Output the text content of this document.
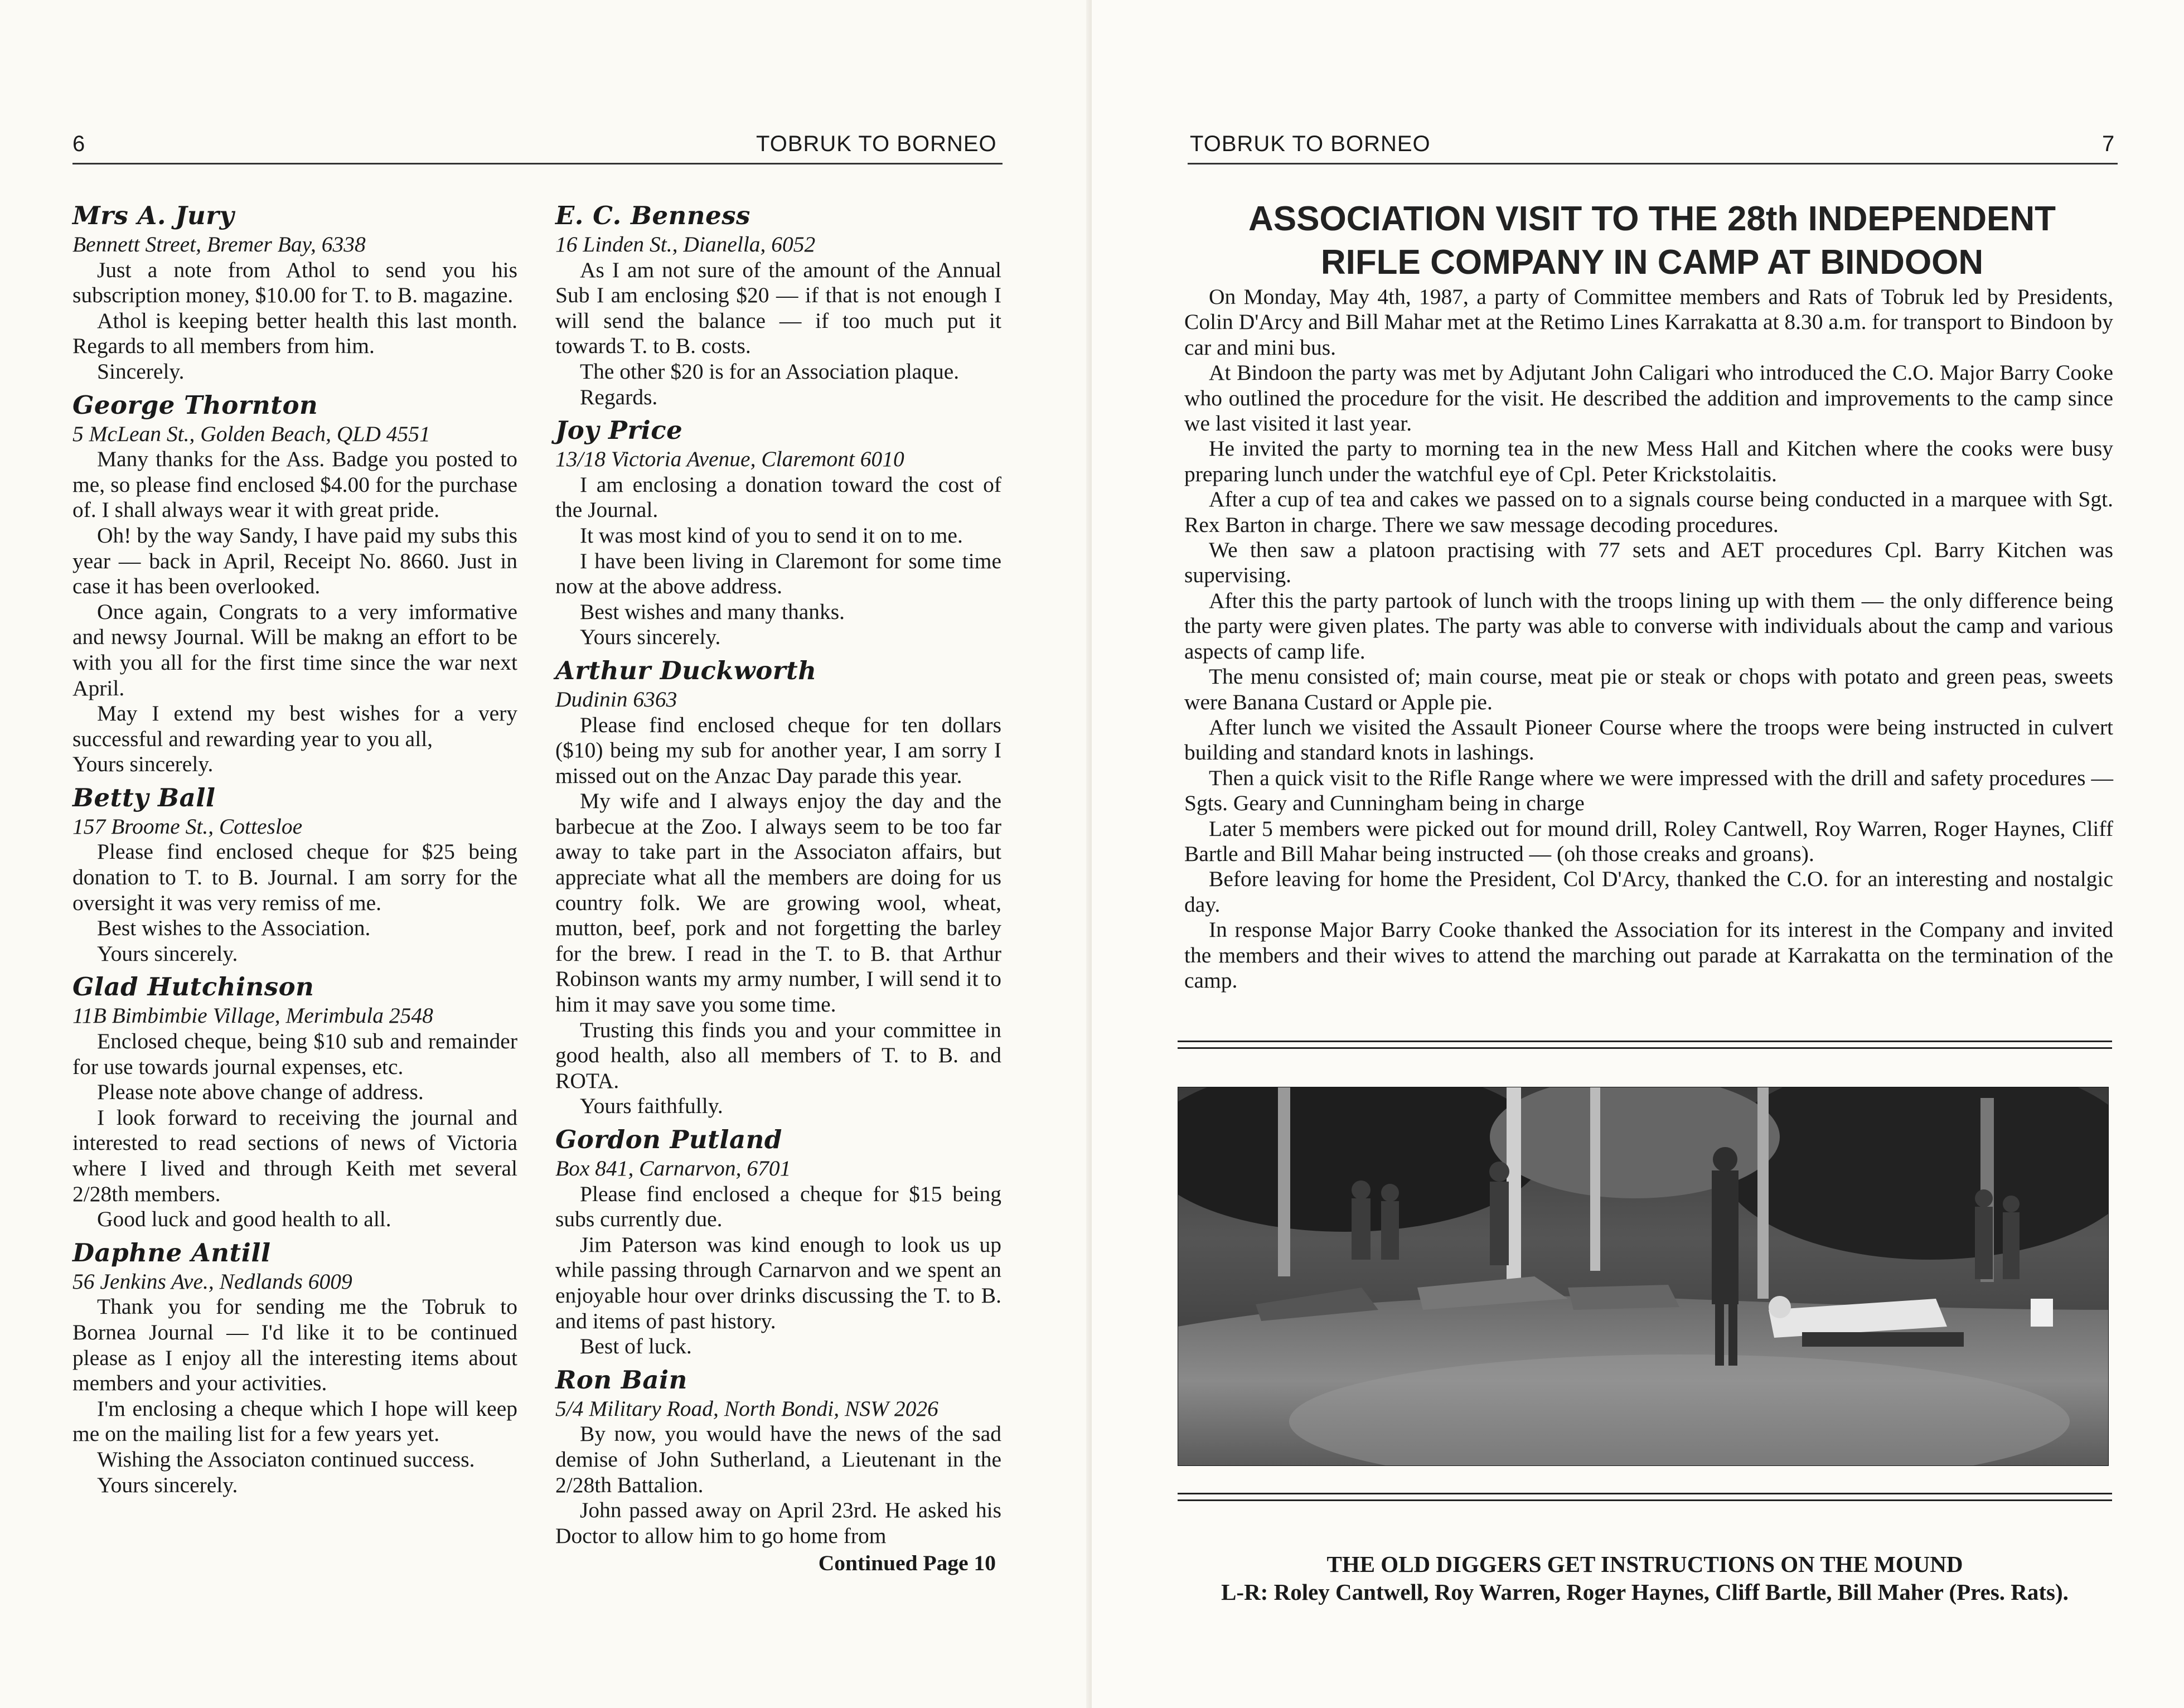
6	TOBRUK TO BORNEO
Mrs A. Jury

Bennett Street, Bremer Bay, 6338

Just a note from Athol to send you his subscription money, $10.00 for T. to B. magazine.

Athol is keeping better health this last month. Regards to all members from him.

Sincerely.

George Thornton

5 McLean St., Golden Beach, QLD 4551

Many thanks for the Ass. Badge you posted to me, so please find enclosed $4.00 for the purchase of. I shall always wear it with great pride.

Oh! by the way Sandy, I have paid my subs this year — back in April, Receipt No. 8660. Just in case it has been overlooked.

Once again, Congrats to a very imformative and newsy Journal. Will be makng an effort to be with you all for the first time since the war next April.

May I extend my best wishes for a very successful and rewarding year to you all,

Yours sincerely.

Betty Ball

157 Broome St., Cottesloe

Please find enclosed cheque for $25 being donation to T. to B. Journal. I am sorry for the oversight it was very remiss of me.

Best wishes to the Association.

Yours sincerely.

Glad Hutchinson

11B Bimbimbie Village, Merimbula 2548

Enclosed cheque, being $10 sub and remainder for use towards journal expenses, etc.

Please note above change of address.

I look forward to receiving the journal and interested to read sections of news of Victoria where I lived and through Keith met several 2/28th members.

Good luck and good health to all.

Daphne Antill

56 Jenkins Ave., Nedlands 6009

Thank you for sending me the Tobruk to Bornea Journal — I'd like it to be continued please as I enjoy all the interesting items about members and your activities.

I'm enclosing a cheque which I hope will keep me on the mailing list for a few years yet.

Wishing the Associaton continued success.

Yours sincerely.

E. C. Benness

16 Linden St., Dianella, 6052

As I am not sure of the amount of the Annual Sub I am enclosing $20 — if that is not enough I will send the balance — if too much put it towards T. to B. costs.

The other $20 is for an Association plaque.

Regards.

Joy Price

13/18 Victoria Avenue, Claremont 6010

I am enclosing a donation toward the cost of the Journal.

It was most kind of you to send it on to me.

I have been living in Claremont for some time now at the above address.

Best wishes and many thanks.

Yours sincerely.

Arthur Duckworth

Dudinin 6363

Please find enclosed cheque for ten dollars ($10) being my sub for another year, I am sorry I missed out on the Anzac Day parade this year.

My wife and I always enjoy the day and the barbecue at the Zoo. I always seem to be too far away to take part in the Associaton affairs, but appreciate what all the members are doing for us country folk. We are growing wool, wheat, mutton, beef, pork and not forgetting the barley for the brew. I read in the T. to B. that Arthur Robinson wants my army number, I will send it to him it may save you some time.

Trusting this finds you and your committee in good health, also all members of T. to B. and ROTA.

Yours faithfully.

Gordon Putland

Box 841, Carnarvon, 6701

Please find enclosed a cheque for $15 being subs currently due.

Jim Paterson was kind enough to look us up while passing through Carnarvon and we spent an enjoyable hour over drinks discussing the T. to B. and items of past history.

Best of luck.

Ron Bain

5/4 Military Road, North Bondi, NSW 2026

By now, you would have the news of the sad demise of John Sutherland, a Lieutenant in the 2/28th Battalion.

John passed away on April 23rd. He asked his Doctor to allow him to go home from

Continued Page 10

TOBRUK TO BORNEO	7
ASSOCIATION VISIT TO THE 28th INDEPENDENT
RIFLE COMPANY IN CAMP AT BINDOON

On Monday, May 4th, 1987, a party of Committee members and Rats of Tobruk led by Presidents, Colin D'Arcy and Bill Mahar met at the Retimo Lines Karrakatta at 8.30 a.m. for transport to Bindoon by car and mini bus.

At Bindoon the party was met by Adjutant John Caligari who introduced the C.O. Major Barry Cooke who outlined the procedure for the visit. He described the addition and improvements to the camp since we last visited it last year.

He invited the party to morning tea in the new Mess Hall and Kitchen where the cooks were busy preparing lunch under the watchful eye of Cpl. Peter Krickstolaitis.

After a cup of tea and cakes we passed on to a signals course being conducted in a marquee with Sgt. Rex Barton in charge. There we saw message decoding procedures.

We then saw a platoon practising with 77 sets and AET procedures Cpl. Barry Kitchen was supervising.

After this the party partook of lunch with the troops lining up with them — the only difference being the party were given plates. The party was able to converse with individuals about the camp and various aspects of camp life.

The menu consisted of; main course, meat pie or steak or chops with potato and green peas, sweets were Banana Custard or Apple pie.

After lunch we visited the Assault Pioneer Course where the troops were being instructed in culvert building and standard knots in lashings.

Then a quick visit to the Rifle Range where we were impressed with the drill and safety procedures — Sgts. Geary and Cunningham being in charge

Later 5 members were picked out for mound drill, Roley Cantwell, Roy Warren, Roger Haynes, Cliff Bartle and Bill Mahar being instructed — (oh those creaks and groans).

Before leaving for home the President, Col D'Arcy, thanked the C.O. for an interesting and nostalgic day.

In response Major Barry Cooke thanked the Association for its interest in the Company and invited the members and their wives to attend the marching out parade at Karrakatta on the termination of the camp.

THE OLD DIGGERS GET INSTRUCTIONS ON THE MOUND
L-R: Roley Cantwell, Roy Warren, Roger Haynes, Cliff Bartle, Bill Maher (Pres. Rats).
